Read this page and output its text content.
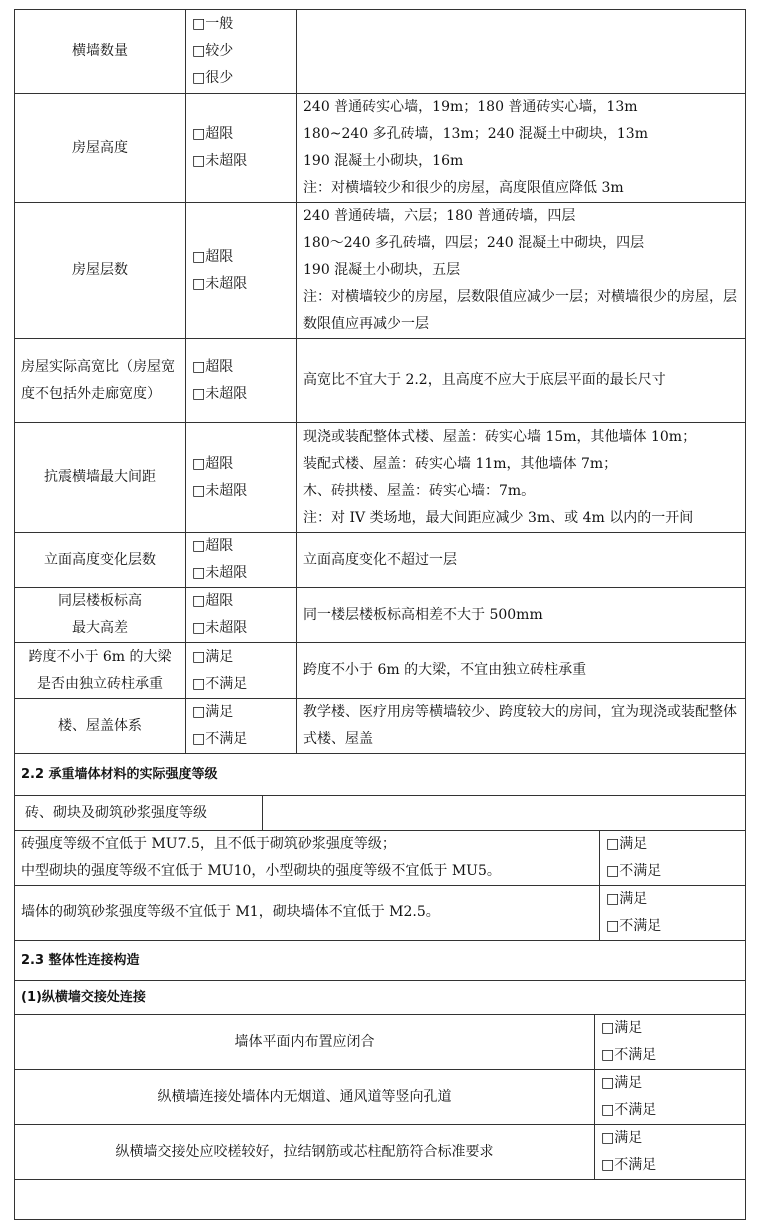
横墙数量	□一般
□较少
□很少	

房屋高度	□超限
□未超限	240 普通砖实心墙，19m；180 普通砖实心墙，13m
180~240 多孔砖墙，13m；240 混凝土中砌块，13m
190 混凝土小砌块，16m
注：对横墙较少和很少的房屋，高度限值应降低 3m

房屋层数	□超限
□未超限	240 普通砖墙，六层；180 普通砖墙，四层
180～240 多孔砖墙，四层；240 混凝土中砌块，四层
190 混凝土小砌块，五层
注：对横墙较少的房屋，层数限值应减少一层；对横墙很少的房屋，层数限值应再减少一层

房屋实际高宽比（房屋宽度不包括外走廊宽度）	□超限
□未超限	高宽比不宜大于 2.2，且高度不应大于底层平面的最长尺寸

抗震横墙最大间距	□超限
□未超限	现浇或装配整体式楼、屋盖：砖实心墙 15m，其他墙体 10m；
装配式楼、屋盖：砖实心墙 11m，其他墙体 7m；
木、砖拱楼、屋盖：砖实心墙：7m。
注：对 IV 类场地，最大间距应减少 3m、或 4m 以内的一开间

立面高度变化层数	□超限
□未超限	立面高度变化不超过一层

同层楼板标高
最大高差	□超限
□未超限	同一楼层楼板标高相差不大于 500mm

跨度不小于 6m 的大梁
是否由独立砖柱承重	□满足
□不满足	跨度不小于 6m 的大梁，不宜由独立砖柱承重

楼、屋盖体系	□满足
□不满足	教学楼、医疗用房等横墙较少、跨度较大的房间，宜为现浇或装配整体式楼、屋盖
2.2 承重墙体材料的实际强度等级	
砖、砌块及砌筑砂浆强度等级	

砖强度等级不宜低于 MU7.5，且不低于砌筑砂浆强度等级；
中型砌块的强度等级不宜低于 MU10，小型砌块的强度等级不宜低于 MU5。	□满足
□不满足

墙体的砌筑砂浆强度等级不宜低于 M1，砌块墙体不宜低于 M2.5。	□满足
□不满足
2.3 整体性连接构造	
(1)纵横墙交接处连接	
墙体平面内布置应闭合	□满足
□不满足

纵横墙连接处墙体内无烟道、通风道等竖向孔道	□满足
□不满足

纵横墙交接处应咬槎较好，拉结钢筋或芯柱配筋符合标准要求	□满足
□不满足
